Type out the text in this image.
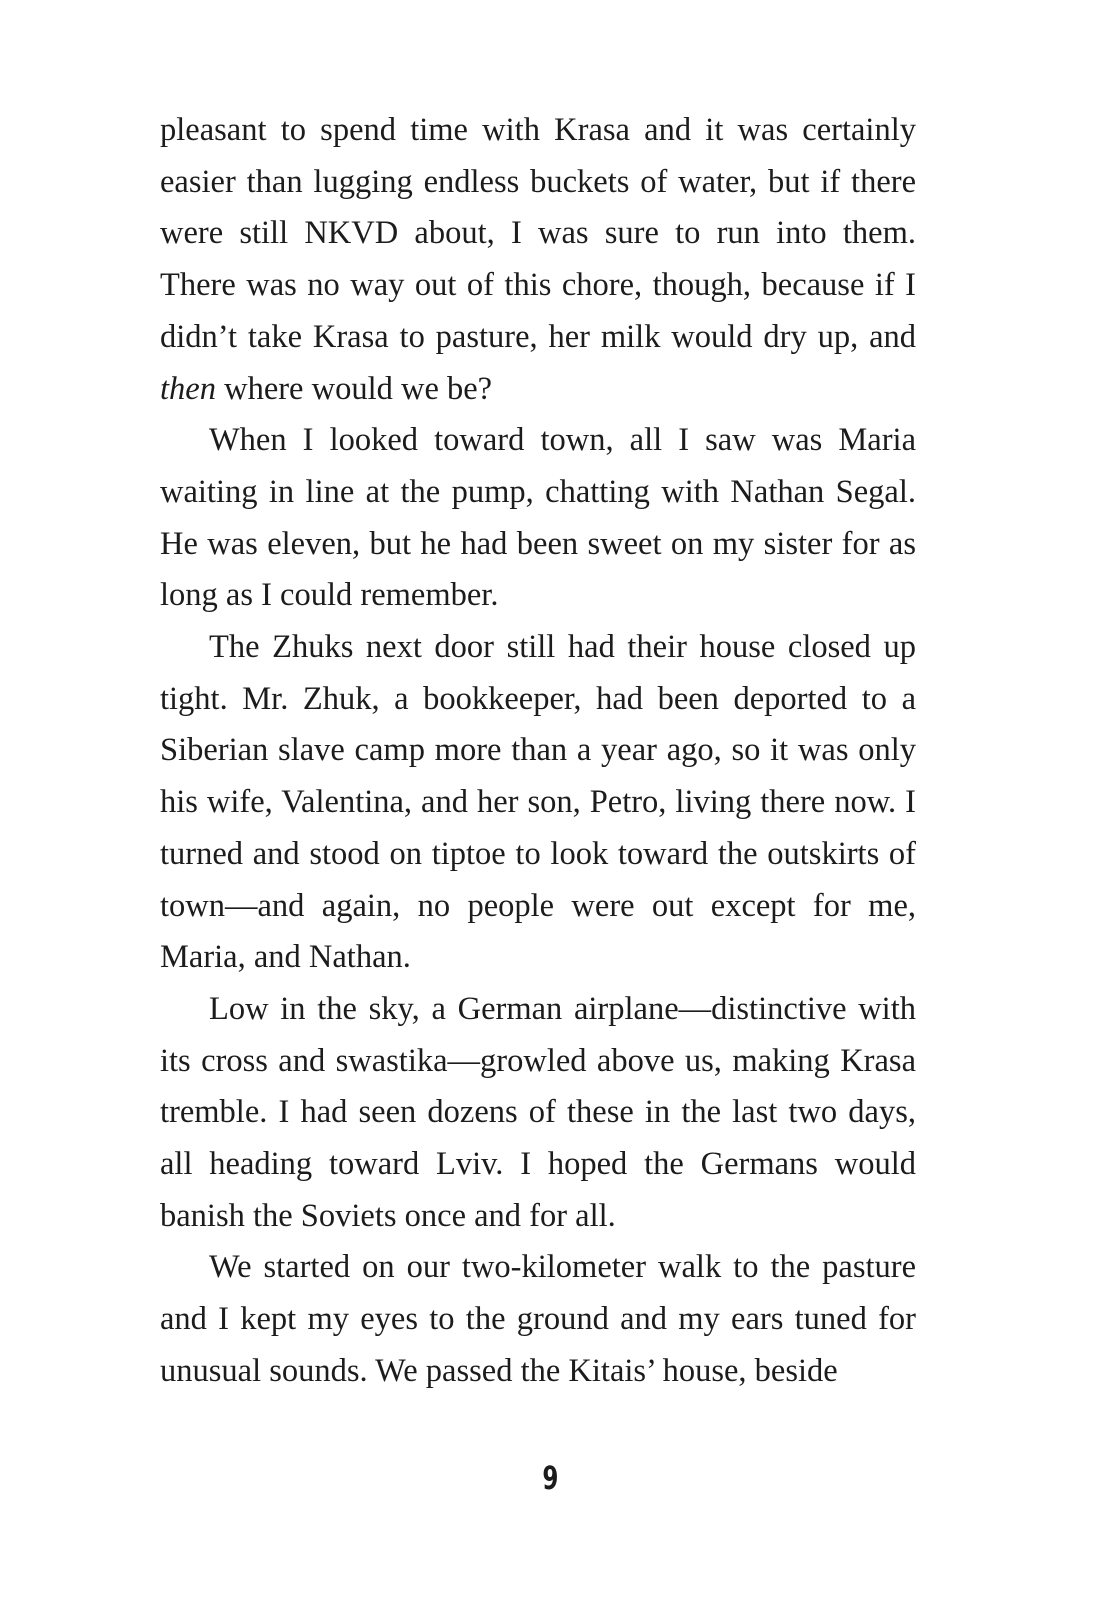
pleasant to spend time with Krasa and it was certainly easier than lugging endless buckets of water, but if there were still NKVD about, I was sure to run into them. There was no way out of this chore, though, because if I didn’t take Krasa to pasture, her milk would dry up, and then where would we be?

When I looked toward town, all I saw was Maria waiting in line at the pump, chatting with Nathan Segal. He was eleven, but he had been sweet on my sister for as long as I could remember.

The Zhuks next door still had their house closed up tight. Mr. Zhuk, a bookkeeper, had been deported to a Siberian slave camp more than a year ago, so it was only his wife, Valentina, and her son, Petro, living there now. I turned and stood on tiptoe to look toward the outskirts of town—and again, no people were out except for me, Maria, and Nathan.

Low in the sky, a German airplane—distinctive with its cross and swastika—growled above us, making Krasa tremble. I had seen dozens of these in the last two days, all heading toward Lviv. I hoped the Germans would banish the Soviets once and for all.

We started on our two-kilometer walk to the pasture and I kept my eyes to the ground and my ears tuned for unusual sounds. We passed the Kitais’ house, beside

9
